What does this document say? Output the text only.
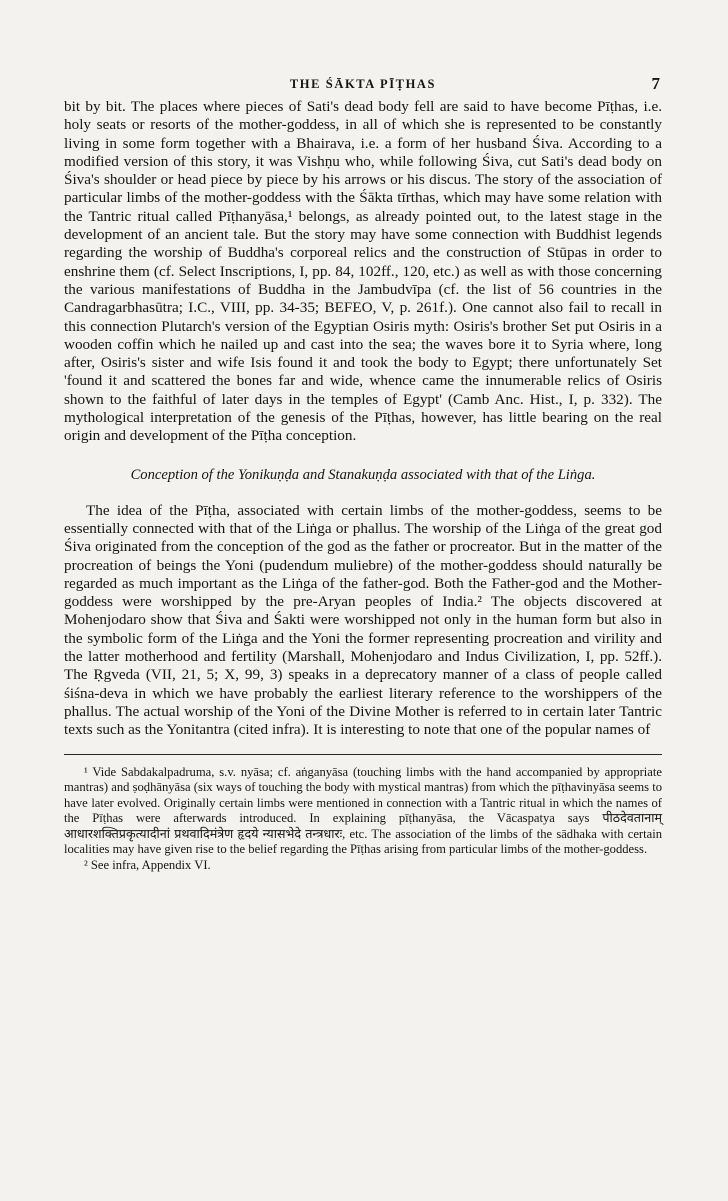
THE ŚĀKTA PĪṬHAS	7

bit by bit. The places where pieces of Sati's dead body fell are said to have become Pīṭhas, i.e. holy seats or resorts of the mother-goddess, in all of which she is represented to be constantly living in some form together with a Bhairava, i.e. a form of her husband Śiva. According to a modified version of this story, it was Vishṇu who, while following Śiva, cut Sati's dead body on Śiva's shoulder or head piece by piece by his arrows or his discus. The story of the association of particular limbs of the mother-goddess with the Śākta tīrthas, which may have some relation with the Tantric ritual called Pīṭhanyāsa,¹ belongs, as already pointed out, to the latest stage in the development of an ancient tale. But the story may have some connection with Buddhist legends regarding the worship of Buddha's corporeal relics and the construction of Stūpas in order to enshrine them (cf. Select Inscriptions, I, pp. 84, 102ff., 120, etc.) as well as with those concerning the various manifestations of Buddha in the Jambudvīpa (cf. the list of 56 countries in the Candragarbhasūtra; I.C., VIII, pp. 34-35; BEFEO, V, p. 261f.). One cannot also fail to recall in this connection Plutarch's version of the Egyptian Osiris myth: Osiris's brother Set put Osiris in a wooden coffin which he nailed up and cast into the sea; the waves bore it to Syria where, long after, Osiris's sister and wife Isis found it and took the body to Egypt; there unfortunately Set 'found it and scattered the bones far and wide, whence came the innumerable relics of Osiris shown to the faithful of later days in the temples of Egypt' (Camb Anc. Hist., I, p. 332). The mythological interpretation of the genesis of the Pīṭhas, however, has little bearing on the real origin and development of the Pīṭha conception.

Conception of the Yonikuṇḍa and Stanakuṇḍa associated with that of the Liṅga.

The idea of the Pīṭha, associated with certain limbs of the mother-goddess, seems to be essentially connected with that of the Liṅga or phallus. The worship of the Liṅga of the great god Śiva originated from the conception of the god as the father or procreator. But in the matter of the procreation of beings the Yoni (pudendum muliebre) of the mother-goddess should naturally be regarded as much important as the Liṅga of the father-god. Both the Father-god and the Mother-goddess were worshipped by the pre-Aryan peoples of India.² The objects discovered at Mohenjodaro show that Śiva and Śakti were worshipped not only in the human form but also in the symbolic form of the Liṅga and the Yoni the former representing procreation and virility and the latter motherhood and fertility (Marshall, Mohenjodaro and Indus Civilization, I, pp. 52ff.). The Ṛgveda (VII, 21, 5; X, 99, 3) speaks in a deprecatory manner of a class of people called śiśna-deva in which we have probably the earliest literary reference to the worshippers of the phallus. The actual worship of the Yoni of the Divine Mother is referred to in certain later Tantric texts such as the Yonitantra (cited infra). It is interesting to note that one of the popular names of

¹ Vide Sabdakalpadruma, s.v. nyāsa; cf. aṅganyāsa (touching limbs with the hand accompanied by appropriate mantras) and ṣoḍhānyāsa (six ways of touching the body with mystical mantras) from which the pīṭhavinyāsa seems to have later evolved. Originally certain limbs were mentioned in connection with a Tantric ritual in which the names of the Pīṭhas were afterwards introduced. In explaining pīṭhanyāsa, the Vācaspatya says पीठदेवतानाम् आधारशक्तिप्रकृत्यादीनां प्रथवादिमंत्रेण हृदये न्यासभेदे तन्त्रधारः, etc. The association of the limbs of the sādhaka with certain localities may have given rise to the belief regarding the Pīṭhas arising from particular limbs of the mother-goddess.

² See infra, Appendix VI.
